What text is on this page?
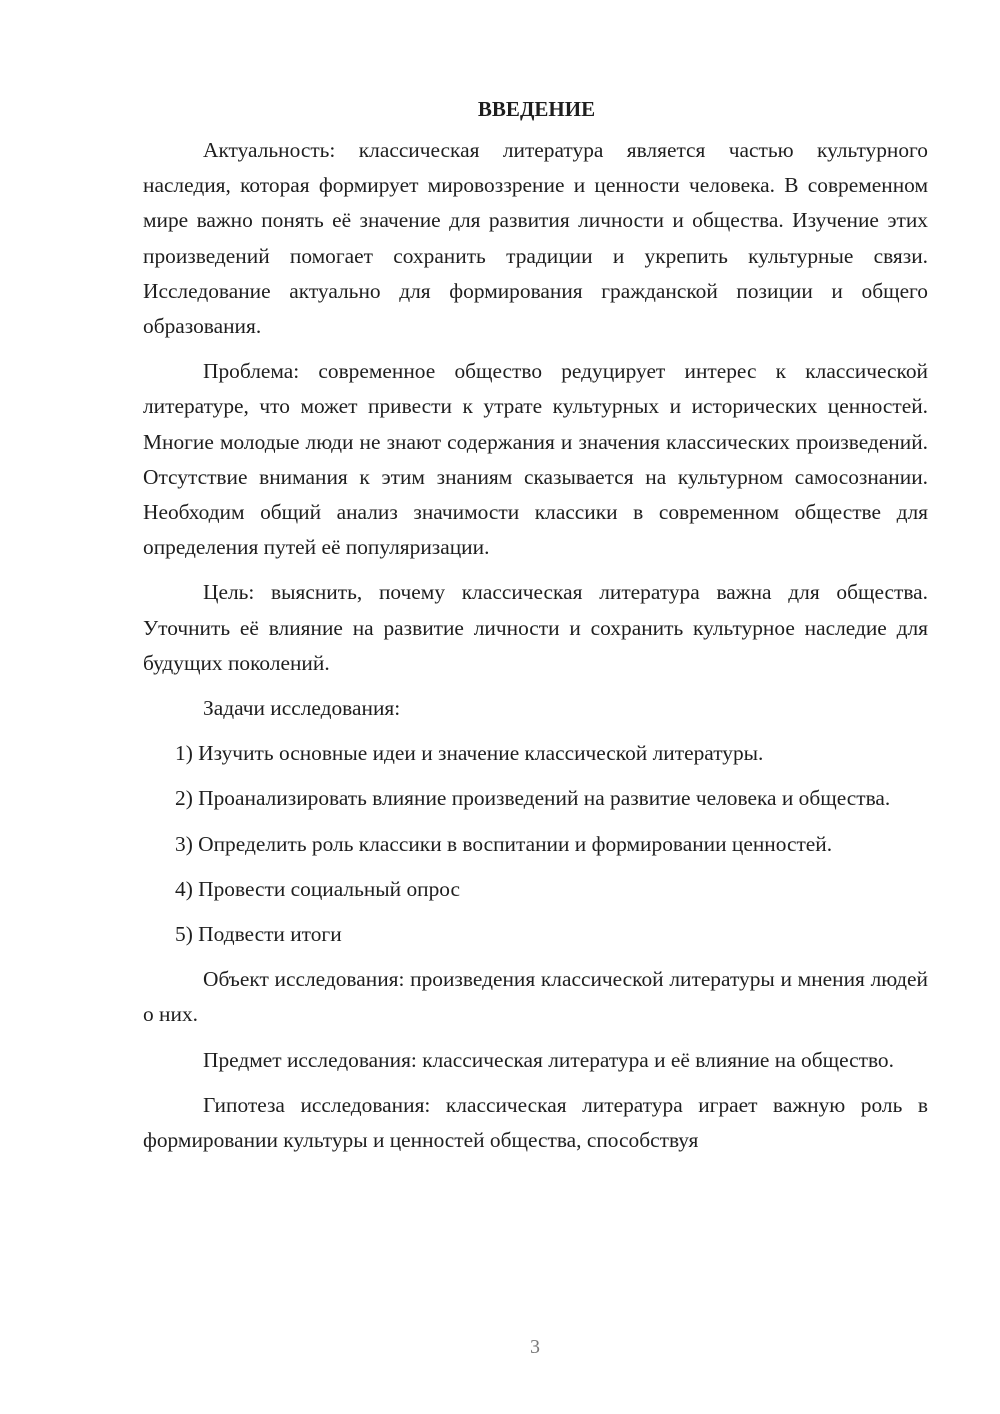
ВВЕДЕНИЕ

Актуальность: классическая литература является частью культурного наследия, которая формирует мировоззрение и ценности человека. В современном мире важно понять её значение для развития личности и общества. Изучение этих произведений помогает сохранить традиции и укрепить культурные связи. Исследование актуально для формирования гражданской позиции и общего образования.

Проблема: современное общество редуцирует интерес к классической литературе, что может привести к утрате культурных и исторических ценностей. Многие молодые люди не знают содержания и значения классических произведений. Отсутствие внимания к этим знаниям сказывается на культурном самосознании. Необходим общий анализ значимости классики в современном обществе для определения путей её популяризации.

Цель: выяснить, почему классическая литература важна для общества. Уточнить её влияние на развитие личности и сохранить культурное наследие для будущих поколений.

Задачи исследования:

1) Изучить основные идеи и значение классической литературы.

2) Проанализировать влияние произведений на развитие человека и общества.

3) Определить роль классики в воспитании и формировании ценностей.

4) Провести социальный опрос

5) Подвести итоги

Объект исследования: произведения классической литературы и мнения людей о них.

Предмет исследования: классическая литература и её влияние на общество.

Гипотеза исследования: классическая литература играет важную роль в формировании культуры и ценностей общества, способствуя

3
